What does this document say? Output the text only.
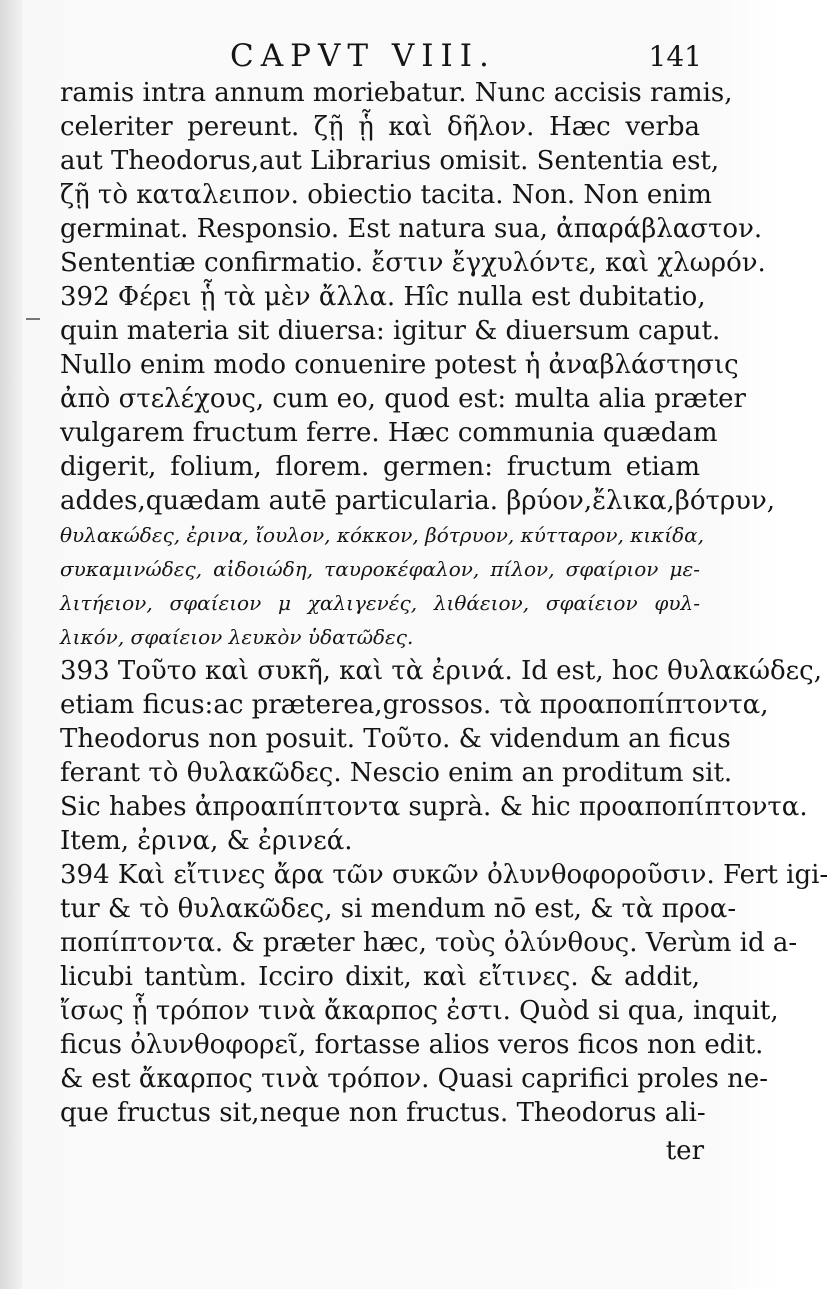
CAPVT VIII.	141
ramis intra annum moriebatur. Nunc accisis ramis,
celeriter pereunt. ζῇ ᾗ καὶ δῆλον. Hæc verba
aut Theodorus,aut Librarius omisit. Sententia est,
ζῇ τὸ καταλειπον. obiectio tacita. Non. Non enim
germinat. Responsio. Est natura sua, ἀπαράβλαστον.
Sententiæ confirmatio. ἔστιν ἔγχυλόντε, καὶ χλωρόν.
392 Φέρει ᾗ τὰ μὲν ἄλλα. Hîc nulla est dubitatio,
quin materia sit diuersa: igitur & diuersum caput.
Nullo enim modo conuenire potest ἡ ἀναβλάστησις
ἀπὸ στελέχους, cum eo, quod est: multa alia præter
vulgarem fructum ferre. Hæc communia quædam
digerit, folium, florem. germen: fructum etiam
addes,quædam autē particularia. βρύον,ἔλικα,βότρυν,
θυλακώδες, ἐρινα, ἴουλον, κόκκον, βότρυον, κύτταρον, κικίδα,
συκαμινώδες, αἰδοιώδη, ταυροκέφαλον, πίλον, σφαίριον με-
λιτήειον, σφαίειον μ χαλιγενές, λιθάειον, σφαίειον φυλ-
λικόν, σφαίειον λευκὸν ὑδατῶδες.
393 Τοῦτο καὶ συκῆ, καὶ τὰ ἐρινά. Id est, hoc θυλακώδες,
etiam ficus:ac præterea,grossos. τὰ προαποπίπτοντα,
Theodorus non posuit. Τοῦτο. & videndum an ficus
ferant τὸ θυλακῶδες. Nescio enim an proditum sit.
Sic habes ἀπροαπίπτοντα suprà. & hic προαποπίπτοντα.
Item, ἐρινα, & ἐρινεά.
394 Καὶ εἴτινες ἄρα τῶν συκῶν ὀλυνθοφοροῦσιν. Fert igi-
tur & τὸ θυλακῶδες, si mendum nō est, & τὰ προα-
ποπίπτοντα. & præter hæc, τοὺς ὀλύνθους. Verùm id a-
licubi tantùm. Icciro dixit, καὶ εἴτινες. & addit,
ἴσως ᾗ τρόπον τινὰ ἄκαρπος ἐστι. Quòd si qua, inquit,
ficus ὀλυνθοφορεῖ, fortasse alios veros ficos non edit.
& est ἄκαρπος τινὰ τρόπον. Quasi caprifici proles ne-
que fructus sit,neque non fructus. Theodorus ali-
ter
